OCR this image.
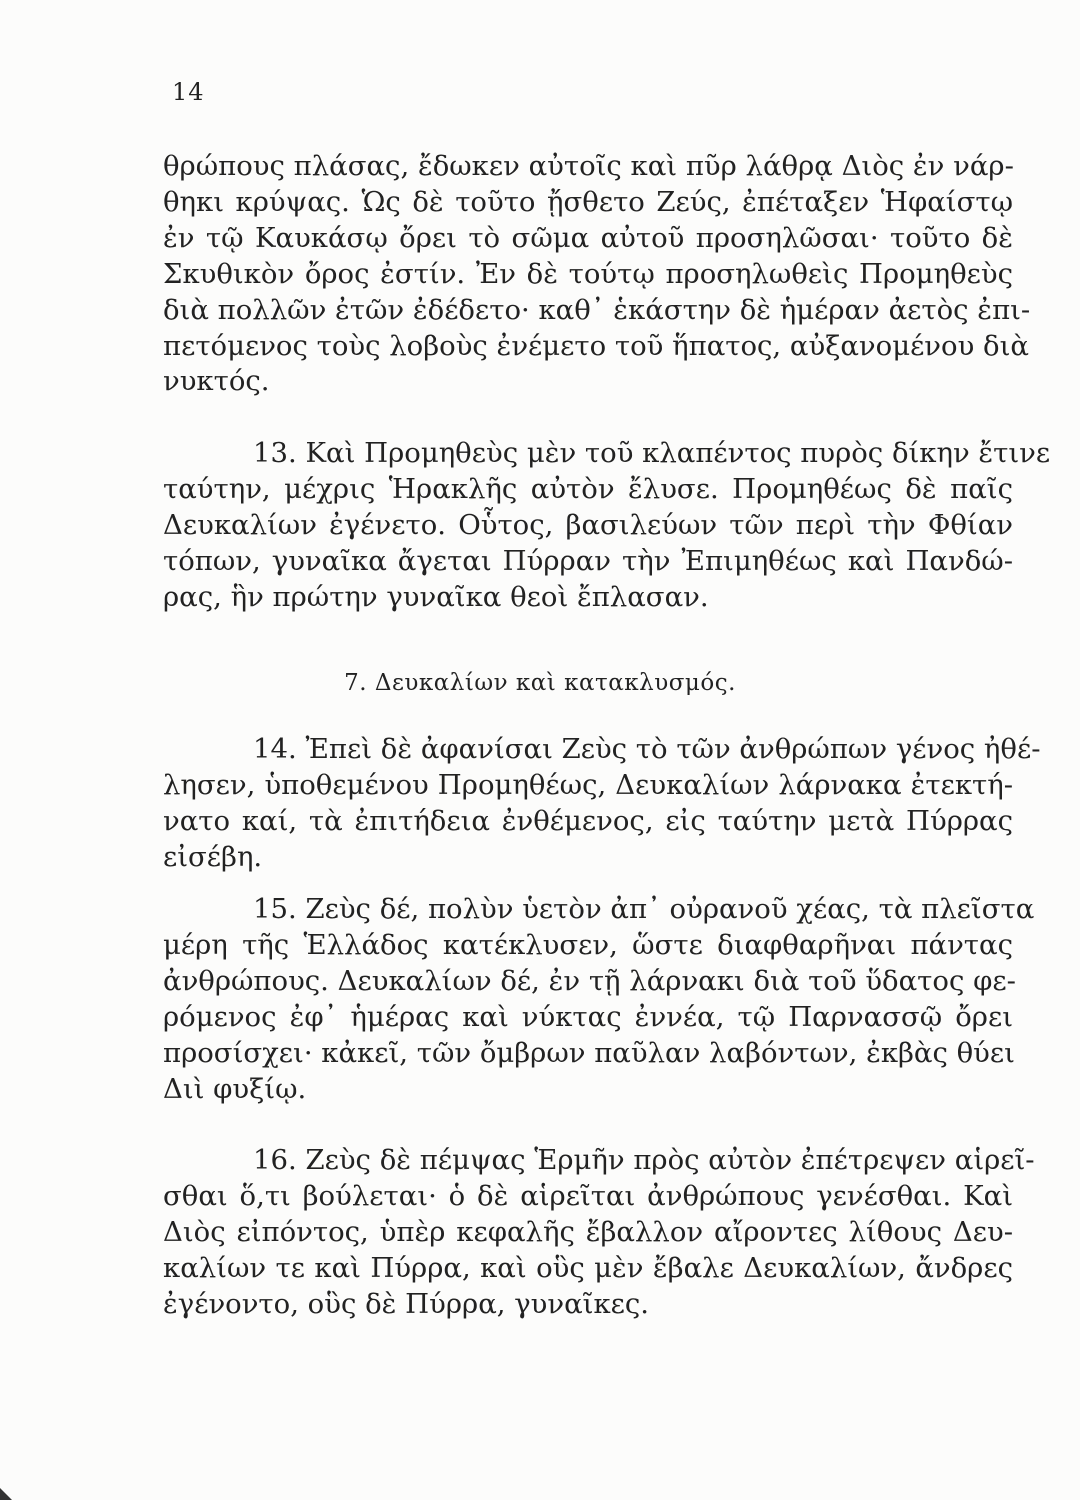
14
θρώπους πλάσας, ἔδωκεν αὐτοῖς καὶ πῦρ λάθρᾳ Διὸς ἐν νάρ-
θηκι κρύψας. Ὡς δὲ τοῦτο ᾔσθετο Ζεύς, ἐπέταξεν Ἡφαίστῳ
ἐν τῷ Καυκάσῳ ὄρει τὸ σῶμα αὐτοῦ προσηλῶσαι· τοῦτο δὲ
Σκυθικὸν ὄρος ἐστίν. Ἐν δὲ τούτῳ προσηλωθεὶς Προμηθεὺς
διὰ πολλῶν ἐτῶν ἐδέδετο· καθ᾿ ἑκάστην δὲ ἡμέραν ἀετὸς ἐπι-
πετόμενος τοὺς λοβοὺς ἐνέμετο τοῦ ἥπατος, αὐξανομένου διὰ
νυκτός.
13. Καὶ Προμηθεὺς μὲν τοῦ κλαπέντος πυρὸς δίκην ἔτινε
ταύτην, μέχρις Ἡρακλῆς αὐτὸν ἔλυσε. Προμηθέως δὲ παῖς
Δευκαλίων ἐγένετο. Οὗτος, βασιλεύων τῶν περὶ τὴν Φθίαν
τόπων, γυναῖκα ἄγεται Πύρραν τὴν Ἐπιμηθέως καὶ Πανδώ-
ρας, ἣν πρώτην γυναῖκα θεοὶ ἔπλασαν.
7. Δευκαλίων καὶ κατακλυσμός.
14. Ἐπεὶ δὲ ἀφανίσαι Ζεὺς τὸ τῶν ἀνθρώπων γένος ἠθέ-
λησεν, ὑποθεμένου Προμηθέως, Δευκαλίων λάρνακα ἐτεκτή-
νατο καί, τὰ ἐπιτήδεια ἐνθέμενος, εἰς ταύτην μετὰ Πύρρας
εἰσέβη.
15. Ζεὺς δέ, πολὺν ὑετὸν ἀπ᾿ οὐρανοῦ χέας, τὰ πλεῖστα
μέρη τῆς Ἑλλάδος κατέκλυσεν, ὥστε διαφθαρῆναι πάντας
ἀνθρώπους. Δευκαλίων δέ, ἐν τῇ λάρνακι διὰ τοῦ ὕδατος φε-
ρόμενος ἐφ᾿ ἡμέρας καὶ νύκτας ἐννέα, τῷ Παρνασσῷ ὄρει
προσίσχει· κἀκεῖ, τῶν ὄμβρων παῦλαν λαβόντων, ἐκβὰς θύει
Διὶ φυξίῳ.
16. Ζεὺς δὲ πέμψας Ἑρμῆν πρὸς αὐτὸν ἐπέτρεψεν αἱρεῖ-
σθαι ὅ,τι βούλεται· ὁ δὲ αἱρεῖται ἀνθρώπους γενέσθαι. Καὶ
Διὸς εἰπόντος, ὑπὲρ κεφαλῆς ἔβαλλον αἴροντες λίθους Δευ-
καλίων τε καὶ Πύρρα, καὶ οὓς μὲν ἔβαλε Δευκαλίων, ἄνδρες
ἐγένοντο, οὓς δὲ Πύρρα, γυναῖκες.
